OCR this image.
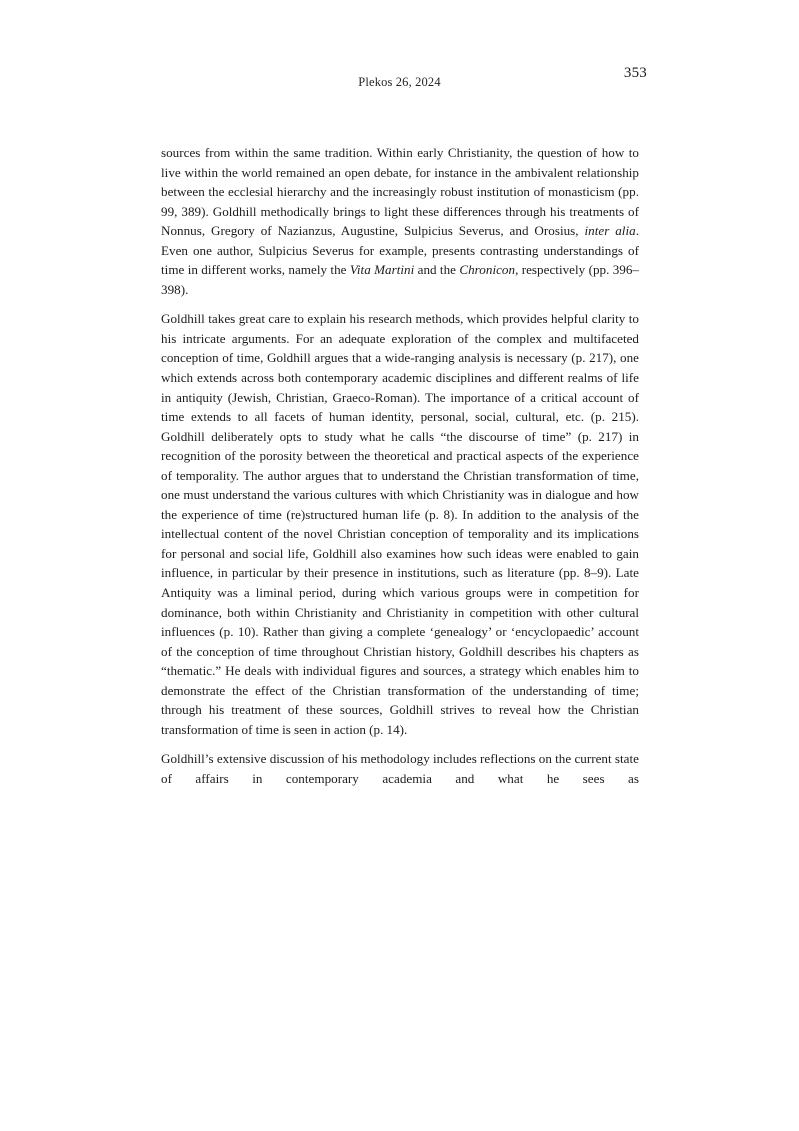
Plekos 26, 2024
353

sources from within the same tradition. Within early Christianity, the question of how to live within the world remained an open debate, for instance in the ambivalent relationship between the ecclesial hierarchy and the increasingly robust institution of monasticism (pp. 99, 389). Goldhill methodically brings to light these differences through his treatments of Nonnus, Gregory of Nazianzus, Augustine, Sulpicius Severus, and Orosius, inter alia. Even one author, Sulpicius Severus for example, presents contrasting understandings of time in different works, namely the Vita Martini and the Chronicon, respectively (pp. 396–398).

Goldhill takes great care to explain his research methods, which provides helpful clarity to his intricate arguments. For an adequate exploration of the complex and multifaceted conception of time, Goldhill argues that a wide-ranging analysis is necessary (p. 217), one which extends across both contemporary academic disciplines and different realms of life in antiquity (Jewish, Christian, Graeco-Roman). The importance of a critical account of time extends to all facets of human identity, personal, social, cultural, etc. (p. 215). Goldhill deliberately opts to study what he calls “the discourse of time” (p. 217) in recognition of the porosity between the theoretical and practical aspects of the experience of temporality. The author argues that to understand the Christian transformation of time, one must understand the various cultures with which Christianity was in dialogue and how the experience of time (re)structured human life (p. 8). In addition to the analysis of the intellectual content of the novel Christian conception of temporality and its implications for personal and social life, Goldhill also examines how such ideas were enabled to gain influence, in particular by their presence in institutions, such as literature (pp. 8–9). Late Antiquity was a liminal period, during which various groups were in competition for dominance, both within Christianity and Christianity in competition with other cultural influences (p. 10). Rather than giving a complete ‘genealogy’ or ‘encyclopaedic’ account of the conception of time throughout Christian history, Goldhill describes his chapters as “thematic.” He deals with individual figures and sources, a strategy which enables him to demonstrate the effect of the Christian transformation of the understanding of time; through his treatment of these sources, Goldhill strives to reveal how the Christian transformation of time is seen in action (p. 14).

Goldhill’s extensive discussion of his methodology includes reflections on the current state of affairs in contemporary academia and what he sees as
